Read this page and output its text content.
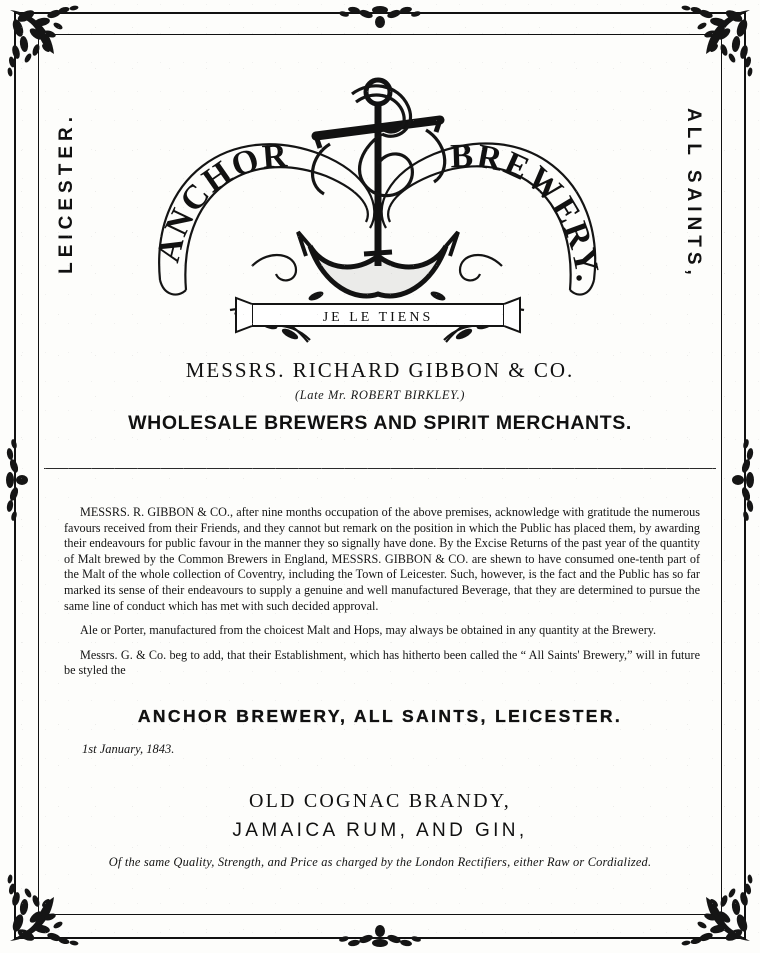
LEICESTER.	ALL SAINTS,
ANCHOR	BREWERY.
JE LE TIENS
MESSRS. RICHARD GIBBON & CO.
(Late Mr. ROBERT BIRKLEY.)
WHOLESALE BREWERS AND SPIRIT MERCHANTS.

MESSRS. R. GIBBON & CO., after nine months occupation of the above premises, acknowledge with gratitude the numerous favours received from their Friends, and they cannot but remark on the position in which the Public has placed them, by awarding their endeavours for public favour in the manner they so signally have done. By the Excise Returns of the past year of the quantity of Malt brewed by the Common Brewers in England, MESSRS. GIBBON & CO. are shewn to have consumed one-tenth part of the Malt of the whole collection of Coventry, including the Town of Leicester. Such, however, is the fact and the Public has so far marked its sense of their endeavours to supply a genuine and well manufactured Beverage, that they are determined to pursue the same line of conduct which has met with such decided approval.

Ale or Porter, manufactured from the choicest Malt and Hops, may always be obtained in any quantity at the Brewery.

Messrs. G. & Co. beg to add, that their Establishment, which has hitherto been called the “ All Saints' Brewery,” will in future be styled the

ANCHOR BREWERY, ALL SAINTS, LEICESTER.
1st January, 1843.
OLD COGNAC BRANDY,
JAMAICA RUM, AND GIN,
Of the same Quality, Strength, and Price as charged by the London Rectifiers, either Raw or Cordialized.
